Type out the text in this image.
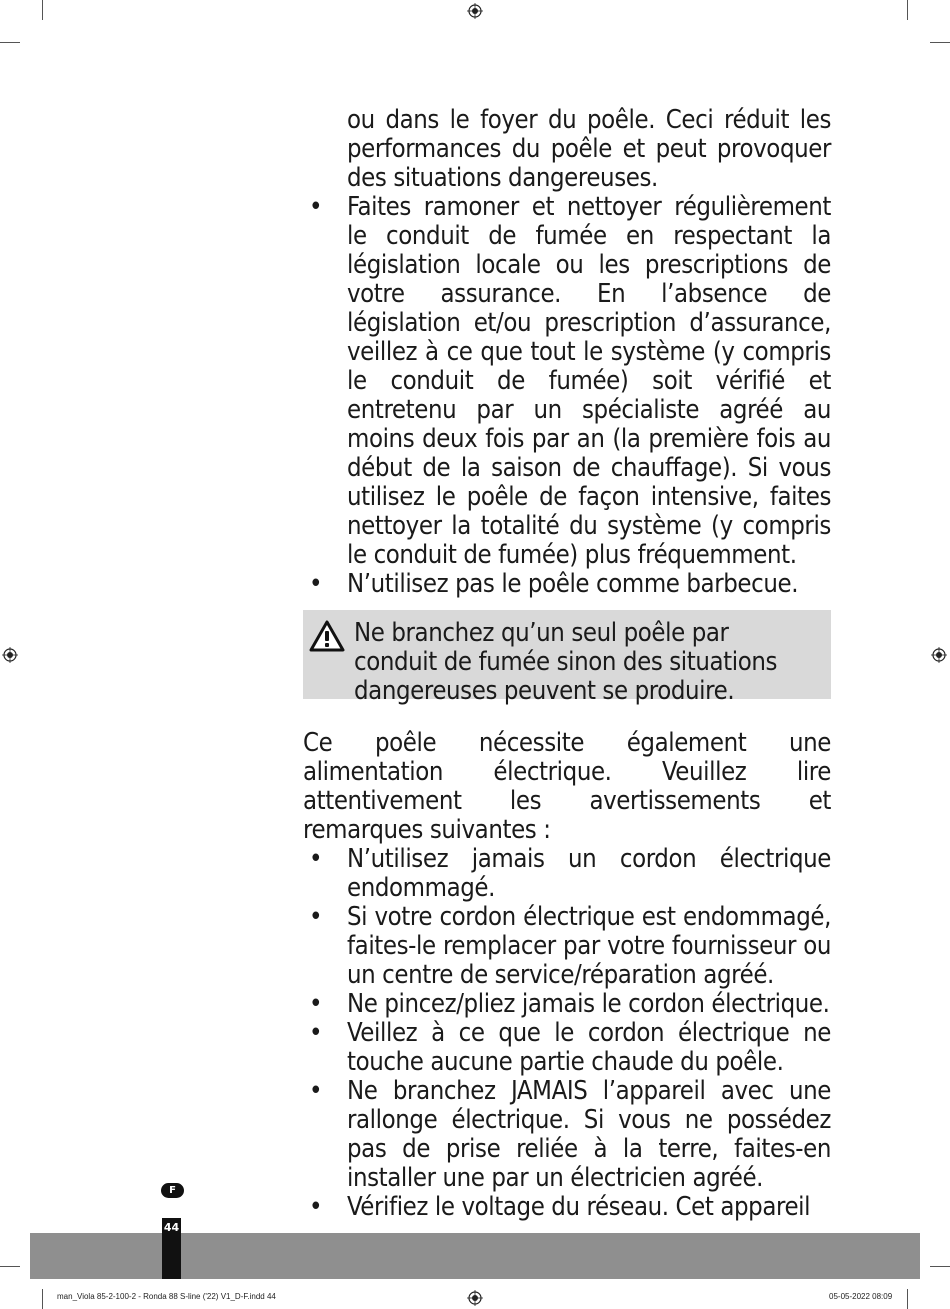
ou dans le foyer du poêle. Ceci réduit les performances du poêle et peut provoquer des situations dangereuses.

• Faites ramoner et nettoyer régulièrement le conduit de fumée en respectant la législation locale ou les prescriptions de votre assurance. En l’absence de législation et/ou prescription d’assurance, veillez à ce que tout le système (y compris le conduit de fumée) soit vérifié et entretenu par un spécialiste agréé au moins deux fois par an (la première fois au début de la saison de chauffage). Si vous utilisez le poêle de façon intensive, faites nettoyer la totalité du système (y compris le conduit de fumée) plus fréquemment.
• N’utilisez pas le poêle comme barbecue.
Ne branchez qu’un seul poêle par conduit de fumée sinon des situations dangereuses peuvent se produire.

Ce poêle nécessite également une alimentation électrique. Veuillez lire attentivement les avertissements et remarques suivantes :

• N’utilisez jamais un cordon électrique endommagé.
• Si votre cordon électrique est endommagé, faites-le remplacer par votre fournisseur ou un centre de service/réparation agréé.
• Ne pincez/pliez jamais le cordon électrique.
• Veillez à ce que le cordon électrique ne touche aucune partie chaude du poêle.
• Ne branchez JAMAIS l’appareil avec une rallonge électrique. Si vous ne possédez pas de prise reliée à la terre, faites-en installer une par un électricien agréé.
• Vérifiez le voltage du réseau. Cet appareil
F
44
man_Viola 85-2-100-2 - Ronda 88 S-line ('22) V1_D-F.indd 44	05-05-2022 08:09
